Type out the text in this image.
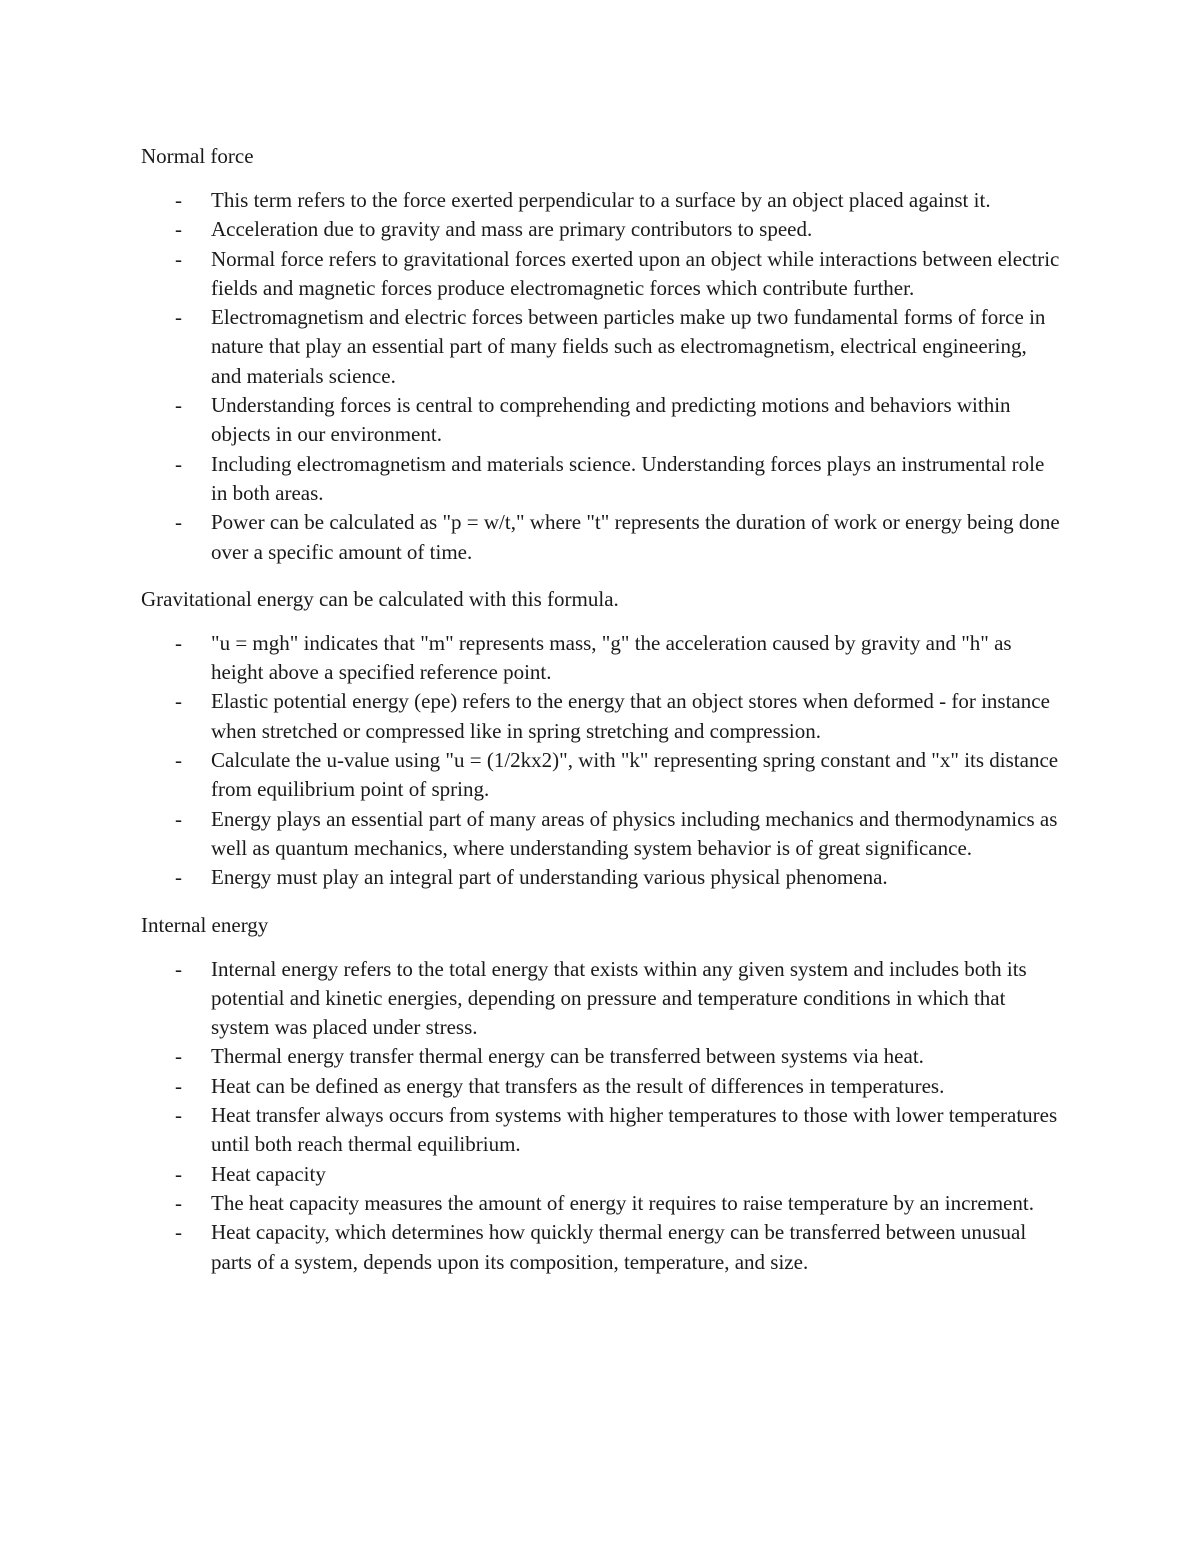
Normal force

- This term refers to the force exerted perpendicular to a surface by an object placed against it.
- Acceleration due to gravity and mass are primary contributors to speed.
- Normal force refers to gravitational forces exerted upon an object while interactions between electric fields and magnetic forces produce electromagnetic forces which contribute further.
- Electromagnetism and electric forces between particles make up two fundamental forms of force in nature that play an essential part of many fields such as electromagnetism, electrical engineering, and materials science.
- Understanding forces is central to comprehending and predicting motions and behaviors within objects in our environment.
- Including electromagnetism and materials science. Understanding forces plays an instrumental role in both areas.
- Power can be calculated as "p = w/t," where "t" represents the duration of work or energy being done over a specific amount of time.

Gravitational energy can be calculated with this formula.

- "u = mgh" indicates that "m" represents mass, "g" the acceleration caused by gravity and "h" as height above a specified reference point.
- Elastic potential energy (epe) refers to the energy that an object stores when deformed - for instance when stretched or compressed like in spring stretching and compression.
- Calculate the u-value using "u = (1/2kx2)", with "k" representing spring constant and "x" its distance from equilibrium point of spring.
- Energy plays an essential part of many areas of physics including mechanics and thermodynamics as well as quantum mechanics, where understanding system behavior is of great significance.
- Energy must play an integral part of understanding various physical phenomena.

Internal energy

- Internal energy refers to the total energy that exists within any given system and includes both its potential and kinetic energies, depending on pressure and temperature conditions in which that system was placed under stress.
- Thermal energy transfer thermal energy can be transferred between systems via heat.
- Heat can be defined as energy that transfers as the result of differences in temperatures.
- Heat transfer always occurs from systems with higher temperatures to those with lower temperatures until both reach thermal equilibrium.
- Heat capacity
- The heat capacity measures the amount of energy it requires to raise temperature by an increment.
- Heat capacity, which determines how quickly thermal energy can be transferred between unusual parts of a system, depends upon its composition, temperature, and size.
